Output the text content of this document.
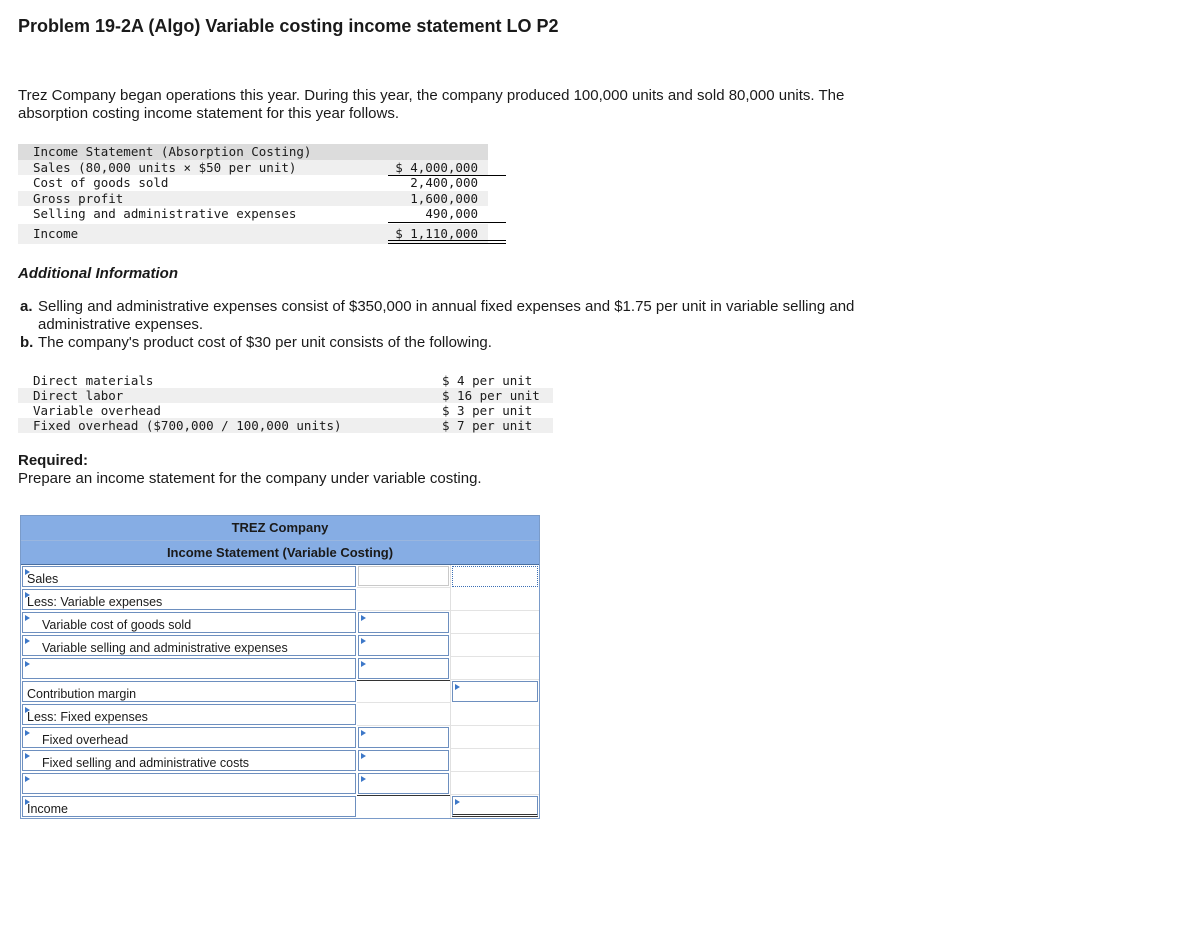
Problem 19-2A (Algo) Variable costing income statement LO P2
Trez Company began operations this year. During this year, the company produced 100,000 units and sold 80,000 units. The absorption costing income statement for this year follows.
Income Statement (Absorption Costing)
Sales (80,000 units × $50 per unit)	$ 4,000,000
Cost of goods sold	2,400,000
Gross profit	1,600,000
Selling and administrative expenses	490,000
Income	$ 1,110,000
Additional Information
a. Selling and administrative expenses consist of $350,000 in annual fixed expenses and $1.75 per unit in variable selling and administrative expenses.
b. The company's product cost of $30 per unit consists of the following.
Direct materials	$ 4 per unit
Direct labor	$ 16 per unit
Variable overhead	$ 3 per unit
Fixed overhead ($700,000 / 100,000 units)	$ 7 per unit
Required:
Prepare an income statement for the company under variable costing.
TREZ Company
Income Statement (Variable Costing)
Sales
Less: Variable expenses
Variable cost of goods sold
Variable selling and administrative expenses
Contribution margin
Less: Fixed expenses
Fixed overhead
Fixed selling and administrative costs
Income
